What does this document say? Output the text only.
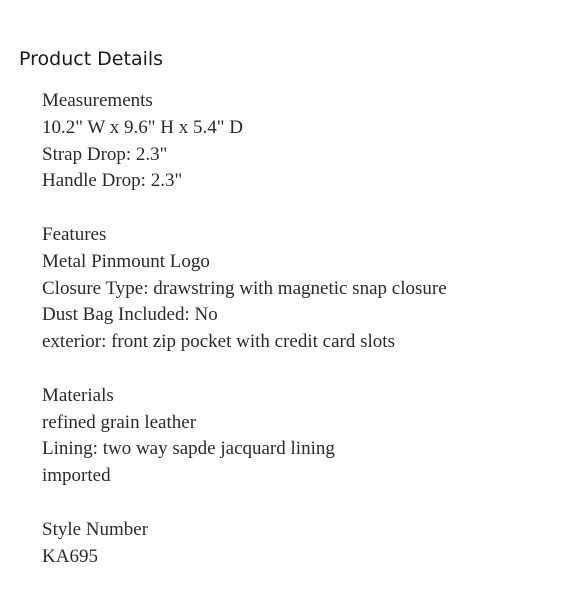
Product Details
Measurements
10.2" W x 9.6" H x 5.4" D
Strap Drop: 2.3"
Handle Drop: 2.3"
Features
Metal Pinmount Logo
Closure Type: drawstring with magnetic snap closure
Dust Bag Included: No
exterior: front zip pocket with credit card slots
Materials
refined grain leather
Lining: two way sapde jacquard lining
imported
Style Number
KA695
